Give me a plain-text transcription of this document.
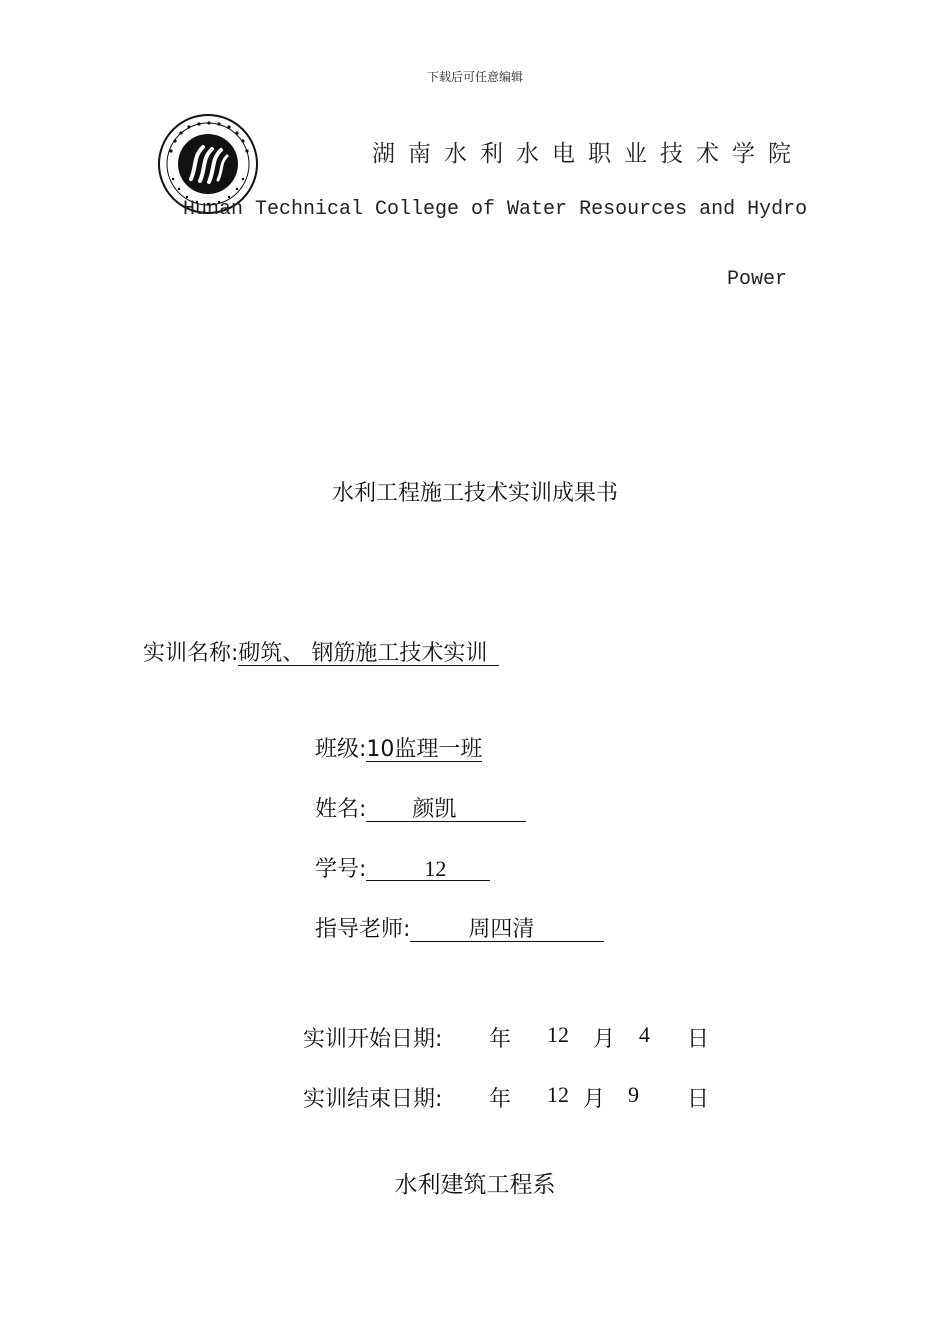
下载后可任意编辑
湖南水利水电职业技术学院
Hunan Technical College of Water Resources and Hydro
Power
水利工程施工技术实训成果书
实训名称:砌筑、 钢筋施工技术实训
班级:10监理一班
姓名: 颜凯
学号:	12
指导老师:	周四清
实训开始日期: 年 12 月 4 日
实训结束日期: 年 12 月 9 日
水利建筑工程系
